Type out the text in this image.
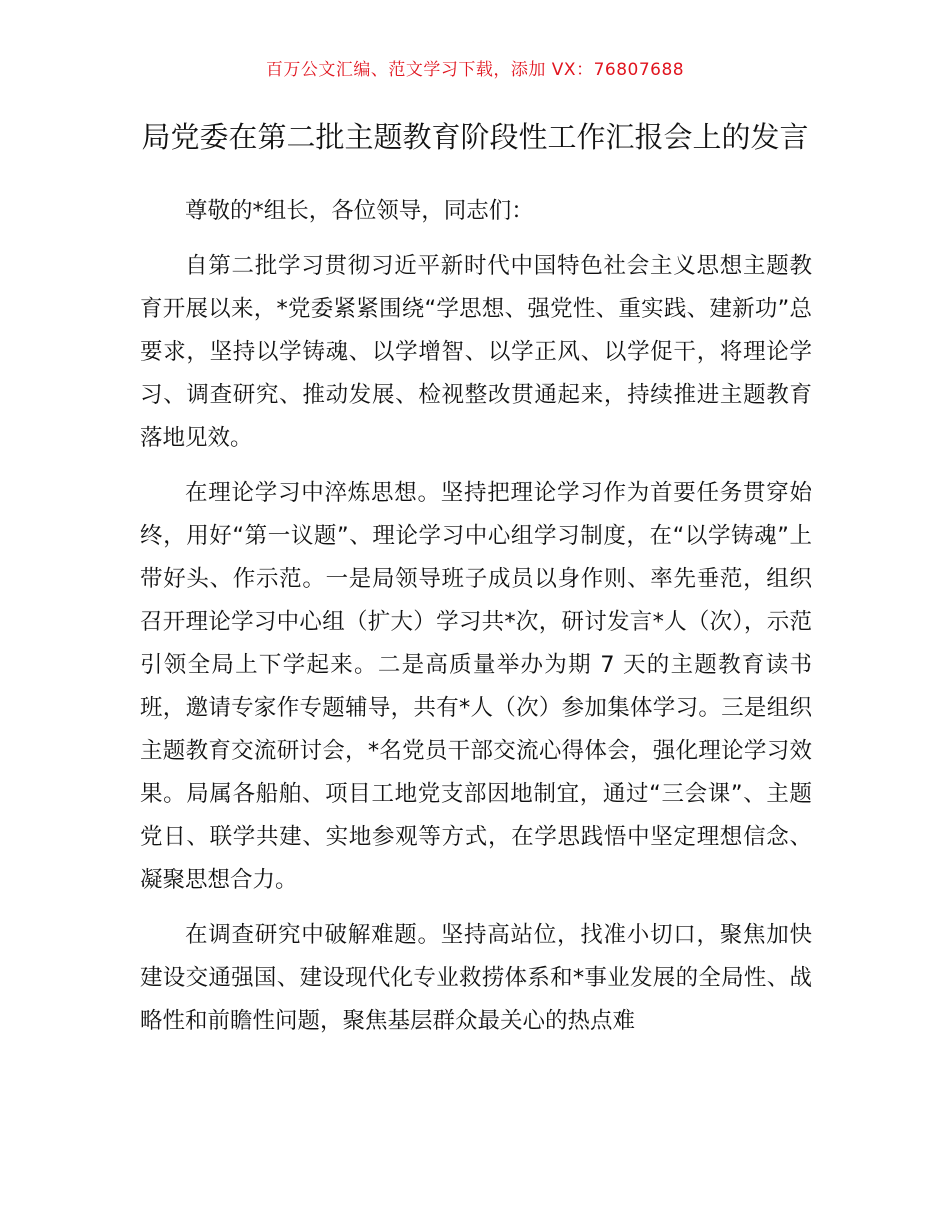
百万公文汇编、范文学习下载，添加 VX：76807688
局党委在第二批主题教育阶段性工作汇报会上的发言

尊敬的*组长，各位领导，同志们：

自第二批学习贯彻习近平新时代中国特色社会主义思想主题教育开展以来，*党委紧紧围绕“学思想、强党性、重实践、建新功”总要求，坚持以学铸魂、以学增智、以学正风、以学促干，将理论学习、调查研究、推动发展、检视整改贯通起来，持续推进主题教育落地见效。

在理论学习中淬炼思想。坚持把理论学习作为首要任务贯穿始终，用好“第一议题”、理论学习中心组学习制度，在“以学铸魂”上带好头、作示范。一是局领导班子成员以身作则、率先垂范，组织召开理论学习中心组（扩大）学习共*次，研讨发言*人（次），示范引领全局上下学起来。二是高质量举办为期 7 天的主题教育读书班，邀请专家作专题辅导，共有*人（次）参加集体学习。三是组织主题教育交流研讨会，*名党员干部交流心得体会，强化理论学习效果。局属各船舶、项目工地党支部因地制宜，通过“三会课”、主题党日、联学共建、实地参观等方式，在学思践悟中坚定理想信念、凝聚思想合力。

在调查研究中破解难题。坚持高站位，找准小切口，聚焦加快建设交通强国、建设现代化专业救捞体系和*事业发展的全局性、战略性和前瞻性问题，聚焦基层群众最关心的热点难
